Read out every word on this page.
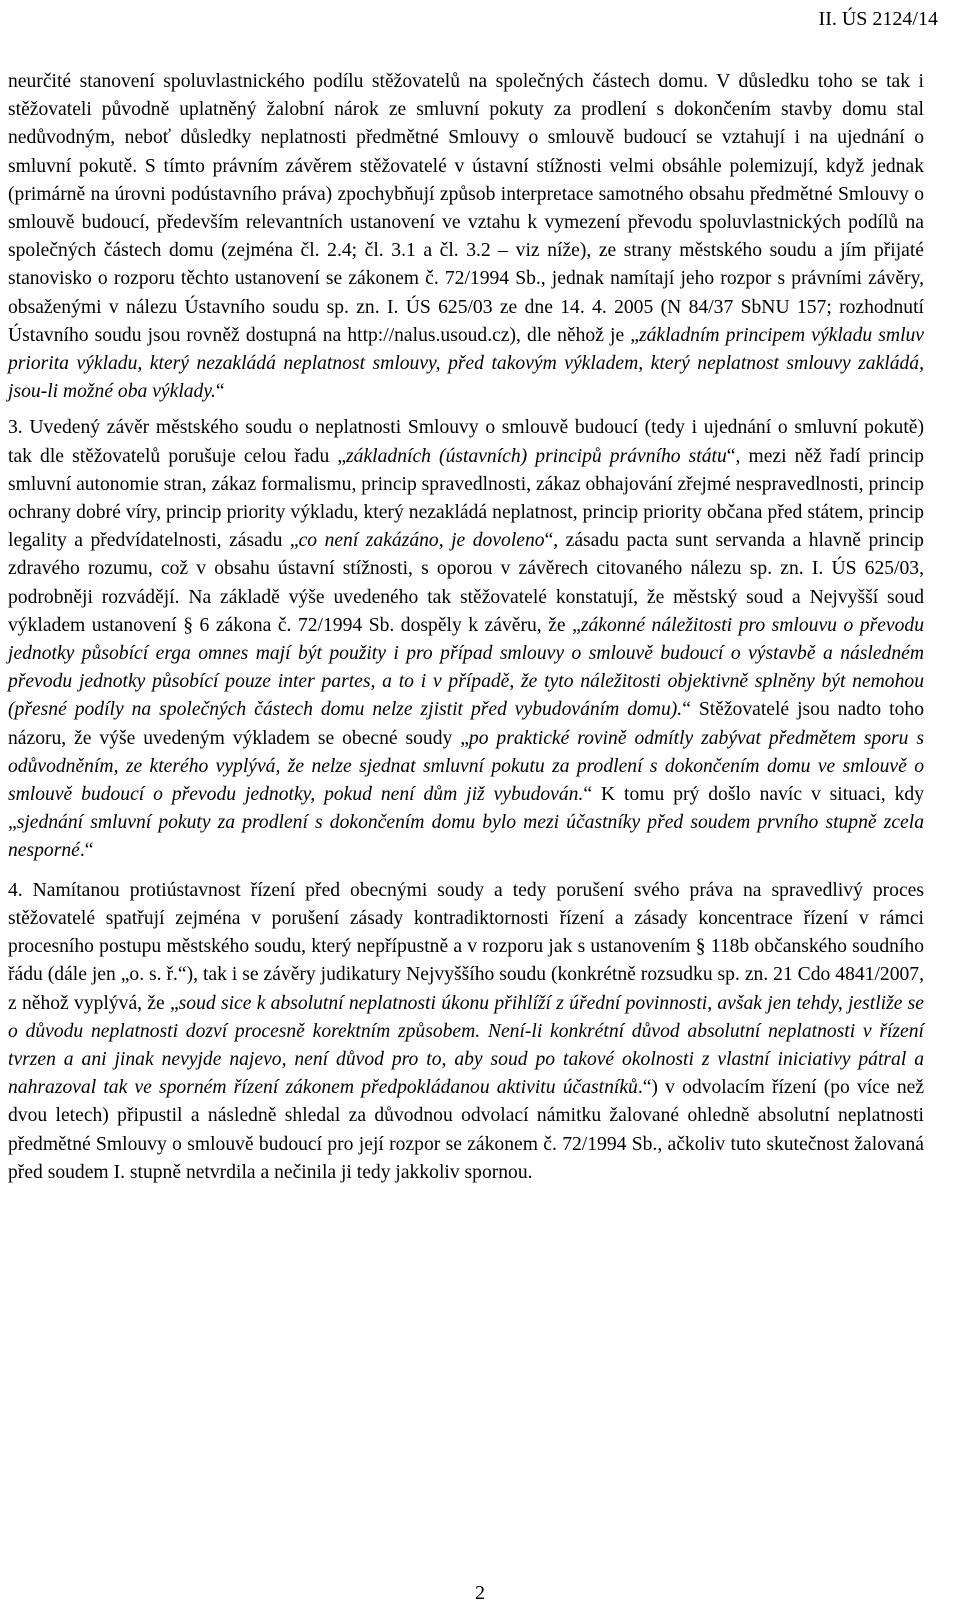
II. ÚS 2124/14

neurčité stanovení spoluvlastnického podílu stěžovatelů na společných částech domu. V důsledku toho se tak i stěžovateli původně uplatněný žalobní nárok ze smluvní pokuty za prodlení s dokončením stavby domu stal nedůvodným, neboť důsledky neplatnosti předmětné Smlouvy o smlouvě budoucí se vztahují i na ujednání o smluvní pokutě. S tímto právním závěrem stěžovatelé v ústavní stížnosti velmi obsáhle polemizují, když jednak (primárně na úrovni podústavního práva) zpochybňují způsob interpretace samotného obsahu předmětné Smlouvy o smlouvě budoucí, především relevantních ustanovení ve vztahu k vymezení převodu spoluvlastnických podílů na společných částech domu (zejména čl. 2.4; čl. 3.1 a čl. 3.2 – viz níže), ze strany městského soudu a jím přijaté stanovisko o rozporu těchto ustanovení se zákonem č. 72/1994 Sb., jednak namítají jeho rozpor s právními závěry, obsaženými v nálezu Ústavního soudu sp. zn. I. ÚS 625/03 ze dne 14. 4. 2005 (N 84/37 SbNU 157; rozhodnutí Ústavního soudu jsou rovněž dostupná na http://nalus.usoud.cz), dle něhož je „základním principem výkladu smluv priorita výkladu, který nezakládá neplatnost smlouvy, před takovým výkladem, který neplatnost smlouvy zakládá, jsou-li možné oba výklady.“

3. Uvedený závěr městského soudu o neplatnosti Smlouvy o smlouvě budoucí (tedy i ujednání o smluvní pokutě) tak dle stěžovatelů porušuje celou řadu „základních (ústavních) principů právního státu“, mezi něž řadí princip smluvní autonomie stran, zákaz formalismu, princip spravedlnosti, zákaz obhajování zřejmé nespravedlnosti, princip ochrany dobré víry, princip priority výkladu, který nezakládá neplatnost, princip priority občana před státem, princip legality a předvídatelnosti, zásadu „co není zakázáno, je dovoleno“, zásadu pacta sunt servanda a hlavně princip zdravého rozumu, což v obsahu ústavní stížnosti, s oporou v závěrech citovaného nálezu sp. zn. I. ÚS 625/03, podrobněji rozvádějí. Na základě výše uvedeného tak stěžovatelé konstatují, že městský soud a Nejvyšší soud výkladem ustanovení § 6 zákona č. 72/1994 Sb. dospěly k závěru, že „zákonné náležitosti pro smlouvu o převodu jednotky působící erga omnes mají být použity i pro případ smlouvy o smlouvě budoucí o výstavbě a následném převodu jednotky působící pouze inter partes, a to i v případě, že tyto náležitosti objektivně splněny být nemohou (přesné podíly na společných částech domu nelze zjistit před vybudováním domu).“ Stěžovatelé jsou nadto toho názoru, že výše uvedeným výkladem se obecné soudy „po praktické rovině odmítly zabývat předmětem sporu s odůvodněním, ze kterého vyplývá, že nelze sjednat smluvní pokutu za prodlení s dokončením domu ve smlouvě o smlouvě budoucí o převodu jednotky, pokud není dům již vybudován.“ K tomu prý došlo navíc v situaci, kdy „sjednání smluvní pokuty za prodlení s dokončením domu bylo mezi účastníky před soudem prvního stupně zcela nesporné.“

4. Namítanou protiústavnost řízení před obecnými soudy a tedy porušení svého práva na spravedlivý proces stěžovatelé spatřují zejména v porušení zásady kontradiktornosti řízení a zásady koncentrace řízení v rámci procesního postupu městského soudu, který nepřípustně a v rozporu jak s ustanovením § 118b občanského soudního řádu (dále jen „o. s. ř.“), tak i se závěry judikatury Nejvyššího soudu (konkrétně rozsudku sp. zn. 21 Cdo 4841/2007, z něhož vyplývá, že „soud sice k absolutní neplatnosti úkonu přihlíží z úřední povinnosti, avšak jen tehdy, jestliže se o důvodu neplatnosti dozví procesně korektním způsobem. Není-li konkrétní důvod absolutní neplatnosti v řízení tvrzen a ani jinak nevyjde najevo, není důvod pro to, aby soud po takové okolnosti z vlastní iniciativy pátral a nahrazoval tak ve sporném řízení zákonem předpokládanou aktivitu účastníků.“) v odvolacím řízení (po více než dvou letech) připustil a následně shledal za důvodnou odvolací námitku žalované ohledně absolutní neplatnosti předmětné Smlouvy o smlouvě budoucí pro její rozpor se zákonem č. 72/1994 Sb., ačkoliv tuto skutečnost žalovaná před soudem I. stupně netvrdila a nečinila ji tedy jakkoliv spornou.

2
